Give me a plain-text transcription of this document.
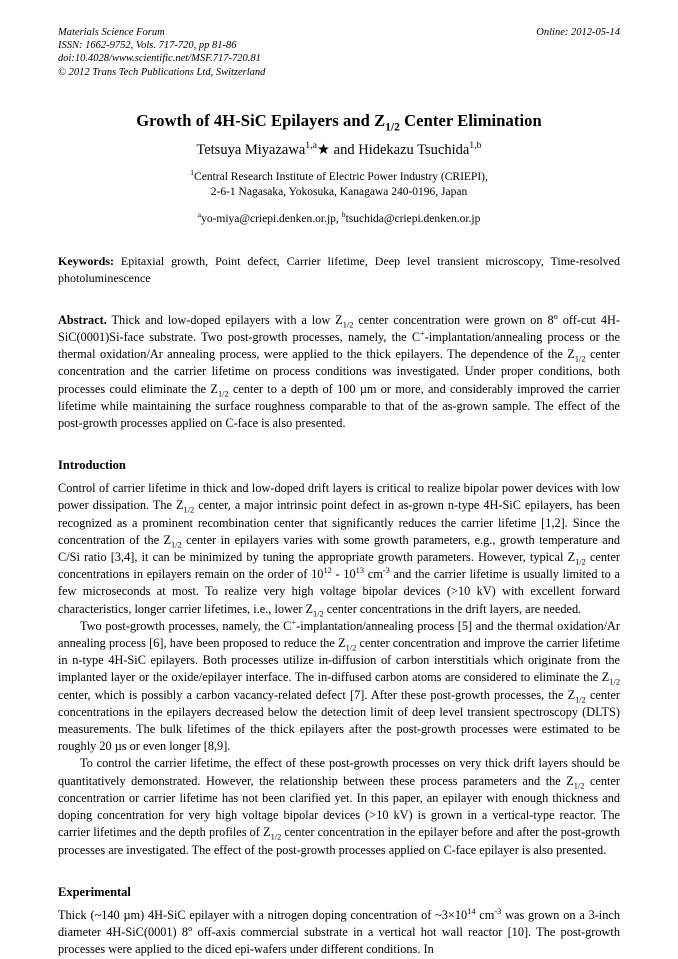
Materials Science Forum
ISSN: 1662-9752, Vols. 717-720, pp 81-86
doi:10.4028/www.scientific.net/MSF.717-720.81
© 2012 Trans Tech Publications Ltd, Switzerland
Online: 2012-05-14
Growth of 4H-SiC Epilayers and $Z_{1/2}$ Center Elimination
Tetsuya Miyazawa$^{1,a}$★ and Hidekazu Tsuchida$^{1,b}$
$^1$Central Research Institute of Electric Power Industry (CRIEPI),
2-6-1 Nagasaka, Yokosuka, Kanagawa 240-0196, Japan
$^a$yo-miya@criepi.denken.or.jp, $^b$tsuchida@criepi.denken.or.jp
Keywords: Epitaxial growth, Point defect, Carrier lifetime, Deep level transient microscopy, Time-resolved photoluminescence
Abstract. Thick and low-doped epilayers with a low $Z_{1/2}$ center concentration were grown on 8$^o$ off-cut 4H-SiC(0001)Si-face substrate. Two post-growth processes, namely, the C+-implantation/annealing process or the thermal oxidation/Ar annealing process, were applied to the thick epilayers. The dependence of the $Z_{1/2}$ center concentration and the carrier lifetime on process conditions was investigated. Under proper conditions, both processes could eliminate the $Z_{1/2}$ center to a depth of 100 µm or more, and considerably improved the carrier lifetime while maintaining the surface roughness comparable to that of the as-grown sample. The effect of the post-growth processes applied on C-face is also presented.
Introduction

Control of carrier lifetime in thick and low-doped drift layers is critical to realize bipolar power devices with low power dissipation. The $Z_{1/2}$ center, a major intrinsic point defect in as-grown n-type 4H-SiC epilayers, has been recognized as a prominent recombination center that significantly reduces the carrier lifetime [1,2]. Since the concentration of the $Z_{1/2}$ center in epilayers varies with some growth parameters, e.g., growth temperature and C/Si ratio [3,4], it can be minimized by tuning the appropriate growth parameters. However, typical $Z_{1/2}$ center concentrations in epilayers remain on the order of $10^{12} - 10^{13}$ $cm^{-3}$ and the carrier lifetime is usually limited to a few microseconds at most. To realize very high voltage bipolar devices (>10 kV) with excellent forward characteristics, longer carrier lifetimes, i.e., lower $Z_{1/2}$ center concentrations in the drift layers, are needed.

Two post-growth processes, namely, the C+-implantation/annealing process [5] and the thermal oxidation/Ar annealing process [6], have been proposed to reduce the $Z_{1/2}$ center concentration and improve the carrier lifetime in n-type 4H-SiC epilayers. Both processes utilize in-diffusion of carbon interstitials which originate from the implanted layer or the oxide/epilayer interface. The in-diffused carbon atoms are considered to eliminate the $Z_{1/2}$ center, which is possibly a carbon vacancy-related defect [7]. After these post-growth processes, the $Z_{1/2}$ center concentrations in the epilayers decreased below the detection limit of deep level transient spectroscopy (DLTS) measurements. The bulk lifetimes of the thick epilayers after the post-growth processes were estimated to be roughly 20 µs or even longer [8,9].

To control the carrier lifetime, the effect of these post-growth processes on very thick drift layers should be quantitatively demonstrated. However, the relationship between these process parameters and the $Z_{1/2}$ center concentration or carrier lifetime has not been clarified yet. In this paper, an epilayer with enough thickness and doping concentration for very high voltage bipolar devices (>10 kV) is grown in a vertical-type reactor. The carrier lifetimes and the depth profiles of $Z_{1/2}$ center concentration in the epilayer before and after the post-growth processes are investigated. The effect of the post-growth processes applied on C-face epilayer is also presented.

Experimental

Thick (~140 µm) 4H-SiC epilayer with a nitrogen doping concentration of $\sim 3\times 10^{14}$ $cm^{-3}$ was grown on a 3-inch diameter 4H-SiC(0001) 8$^o$ off-axis commercial substrate in a vertical hot wall reactor [10]. The post-growth processes were applied to the diced epi-wafers under different conditions. In
